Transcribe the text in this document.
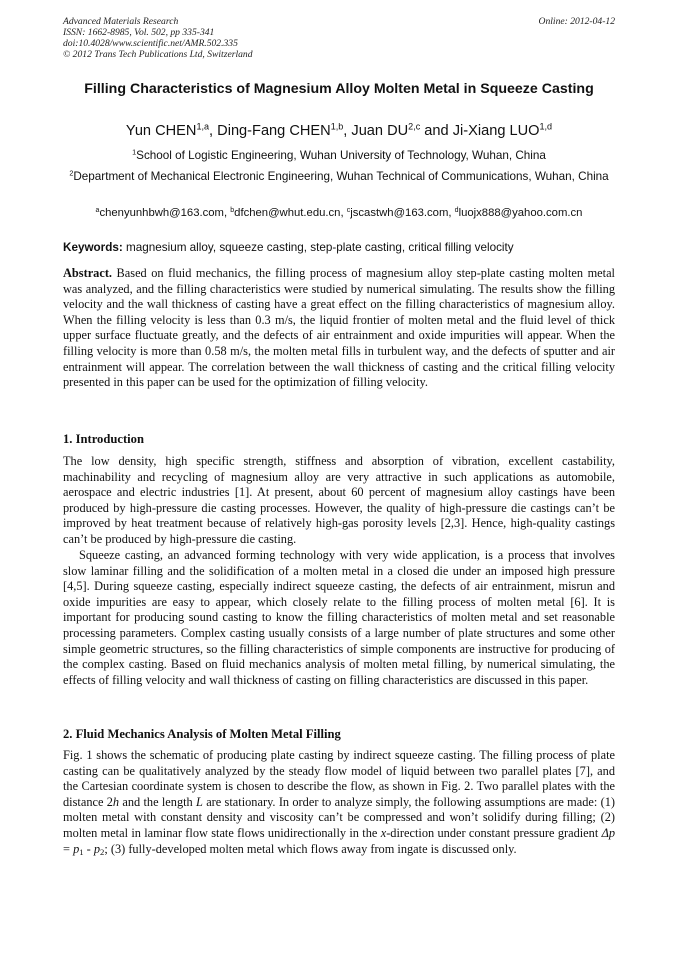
Advanced Materials Research
ISSN: 1662-8985, Vol. 502, pp 335-341
doi:10.4028/www.scientific.net/AMR.502.335
© 2012 Trans Tech Publications Ltd, Switzerland
Online: 2012-04-12
Filling Characteristics of Magnesium Alloy Molten Metal in Squeeze Casting
Yun CHEN$^{1,a}$, Ding-Fang CHEN$^{1,b}$, Juan DU$^{2,c}$ and Ji-Xiang LUO$^{1,d}$
$^1$School of Logistic Engineering, Wuhan University of Technology, Wuhan, China
$^2$Department of Mechanical Electronic Engineering, Wuhan Technical of Communications, Wuhan, China
$^a$chenyunhbwh@163.com, $^b$dfchen@whut.edu.cn, $^c$jscastwh@163.com, $^d$luojx888@yahoo.com.cn
Keywords: magnesium alloy, squeeze casting, step-plate casting, critical filling velocity
Abstract. Based on fluid mechanics, the filling process of magnesium alloy step-plate casting molten metal was analyzed, and the filling characteristics were studied by numerical simulating. The results show the filling velocity and the wall thickness of casting have a great effect on the filling characteristics of magnesium alloy. When the filling velocity is less than 0.3 m/s, the liquid frontier of molten metal and the fluid level of thick upper surface fluctuate greatly, and the defects of air entrainment and oxide impurities will appear. When the filling velocity is more than 0.58 m/s, the molten metal fills in turbulent way, and the defects of sputter and air entrainment will appear. The correlation between the wall thickness of casting and the critical filling velocity presented in this paper can be used for the optimization of filling velocity.
1. Introduction
The low density, high specific strength, stiffness and absorption of vibration, excellent castability, machinability and recycling of magnesium alloy are very attractive in such applications as automobile, aerospace and electric industries [1]. At present, about 60 percent of magnesium alloy castings have been produced by high-pressure die casting processes. However, the quality of high-pressure die castings can’t be improved by heat treatment because of relatively high-gas porosity levels [2,3]. Hence, high-quality castings can’t be produced by high-pressure die casting.
Squeeze casting, an advanced forming technology with very wide application, is a process that involves slow laminar filling and the solidification of a molten metal in a closed die under an imposed high pressure [4,5]. During squeeze casting, especially indirect squeeze casting, the defects of air entrainment, misrun and oxide impurities are easy to appear, which closely relate to the filling process of molten metal [6]. It is important for producing sound casting to know the filling characteristics of molten metal and set reasonable processing parameters. Complex casting usually consists of a large number of plate structures and some other simple geometric structures, so the filling characteristics of simple components are instructive for producing of the complex casting. Based on fluid mechanics analysis of molten metal filling, by numerical simulating, the effects of filling velocity and wall thickness of casting on filling characteristics are discussed in this paper.
2. Fluid Mechanics Analysis of Molten Metal Filling
Fig. 1 shows the schematic of producing plate casting by indirect squeeze casting. The filling process of plate casting can be qualitatively analyzed by the steady flow model of liquid between two parallel plates [7], and the Cartesian coordinate system is chosen to describe the flow, as shown in Fig. 2. Two parallel plates with the distance 2h and the length L are stationary. In order to analyze simply, the following assumptions are made: (1) molten metal with constant density and viscosity can’t be compressed and won’t solidify during filling; (2) molten metal in laminar flow state flows unidirectionally in the x-direction under constant pressure gradient $\Delta p = p_1 - p_2$; (3) fully-developed molten metal which flows away from ingate is discussed only.
